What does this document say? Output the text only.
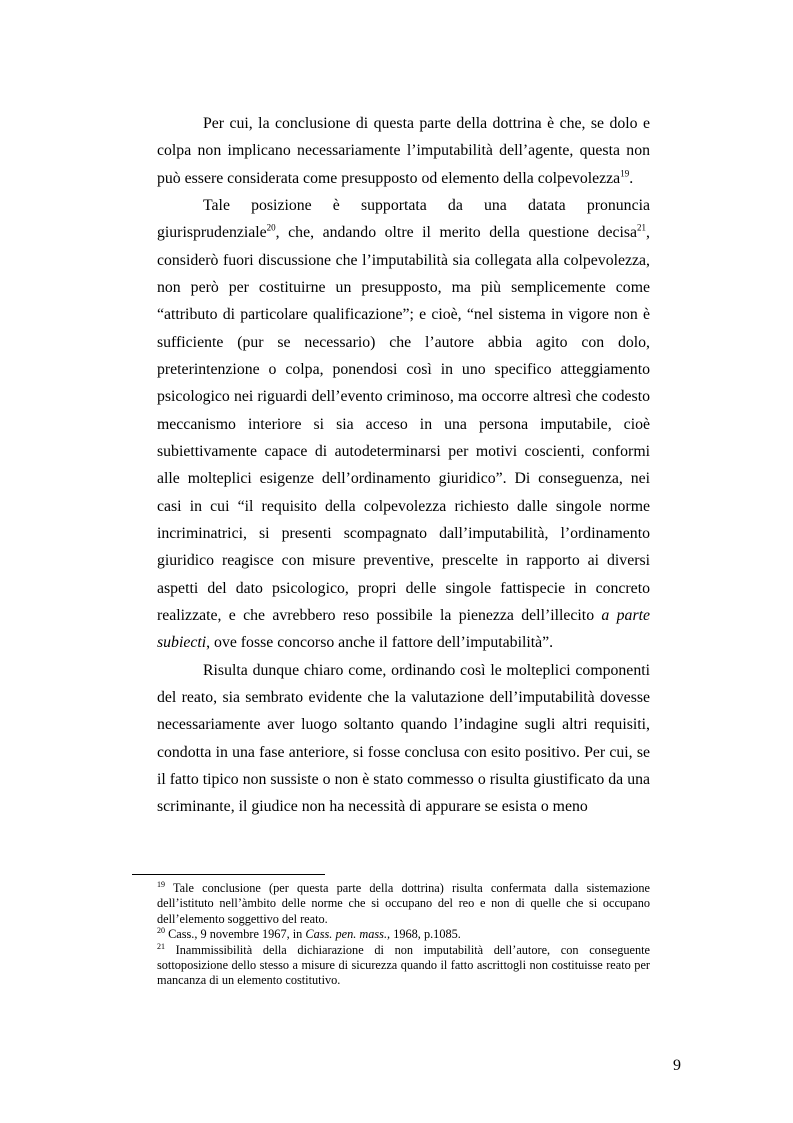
Per cui, la conclusione di questa parte della dottrina è che, se dolo e colpa non implicano necessariamente l’imputabilità dell’agente, questa non può essere considerata come presupposto od elemento della colpevolezza$^{19}$.

Tale posizione è supportata da una datata pronuncia giurisprudenziale$^{20}$, che, andando oltre il merito della questione decisa$^{21}$, considerò fuori discussione che l’imputabilità sia collegata alla colpevolezza, non però per costituirne un presupposto, ma più semplicemente come “attributo di particolare qualificazione”; e cioè, “nel sistema in vigore non è sufficiente (pur se necessario) che l’autore abbia agito con dolo, preterintenzione o colpa, ponendosi così in uno specifico atteggiamento psicologico nei riguardi dell’evento criminoso, ma occorre altresì che codesto meccanismo interiore si sia acceso in una persona imputabile, cioè subiettivamente capace di autodeterminarsi per motivi coscienti, conformi alle molteplici esigenze dell’ordinamento giuridico”. Di conseguenza, nei casi in cui “il requisito della colpevolezza richiesto dalle singole norme incriminatrici, si presenti scompagnato dall’imputabilità, l’ordinamento giuridico reagisce con misure preventive, prescelte in rapporto ai diversi aspetti del dato psicologico, propri delle singole fattispecie in concreto realizzate, e che avrebbero reso possibile la pienezza dell’illecito a parte subiecti, ove fosse concorso anche il fattore dell’imputabilità”.

Risulta dunque chiaro come, ordinando così le molteplici componenti del reato, sia sembrato evidente che la valutazione dell’imputabilità dovesse necessariamente aver luogo soltanto quando l’indagine sugli altri requisiti, condotta in una fase anteriore, si fosse conclusa con esito positivo. Per cui, se il fatto tipico non sussiste o non è stato commesso o risulta giustificato da una scriminante, il giudice non ha necessità di appurare se esista o meno

$^{19}$ Tale conclusione (per questa parte della dottrina) risulta confermata dalla sistemazione dell’istituto nell’àmbito delle norme che si occupano del reo e non di quelle che si occupano dell’elemento soggettivo del reato.

$^{20}$ Cass., 9 novembre 1967, in Cass. pen. mass., 1968, p.1085.

$^{21}$ Inammissibilità della dichiarazione di non imputabilità dell’autore, con conseguente sottoposizione dello stesso a misure di sicurezza quando il fatto ascrittogli non costituisse reato per mancanza di un elemento costitutivo.

9
